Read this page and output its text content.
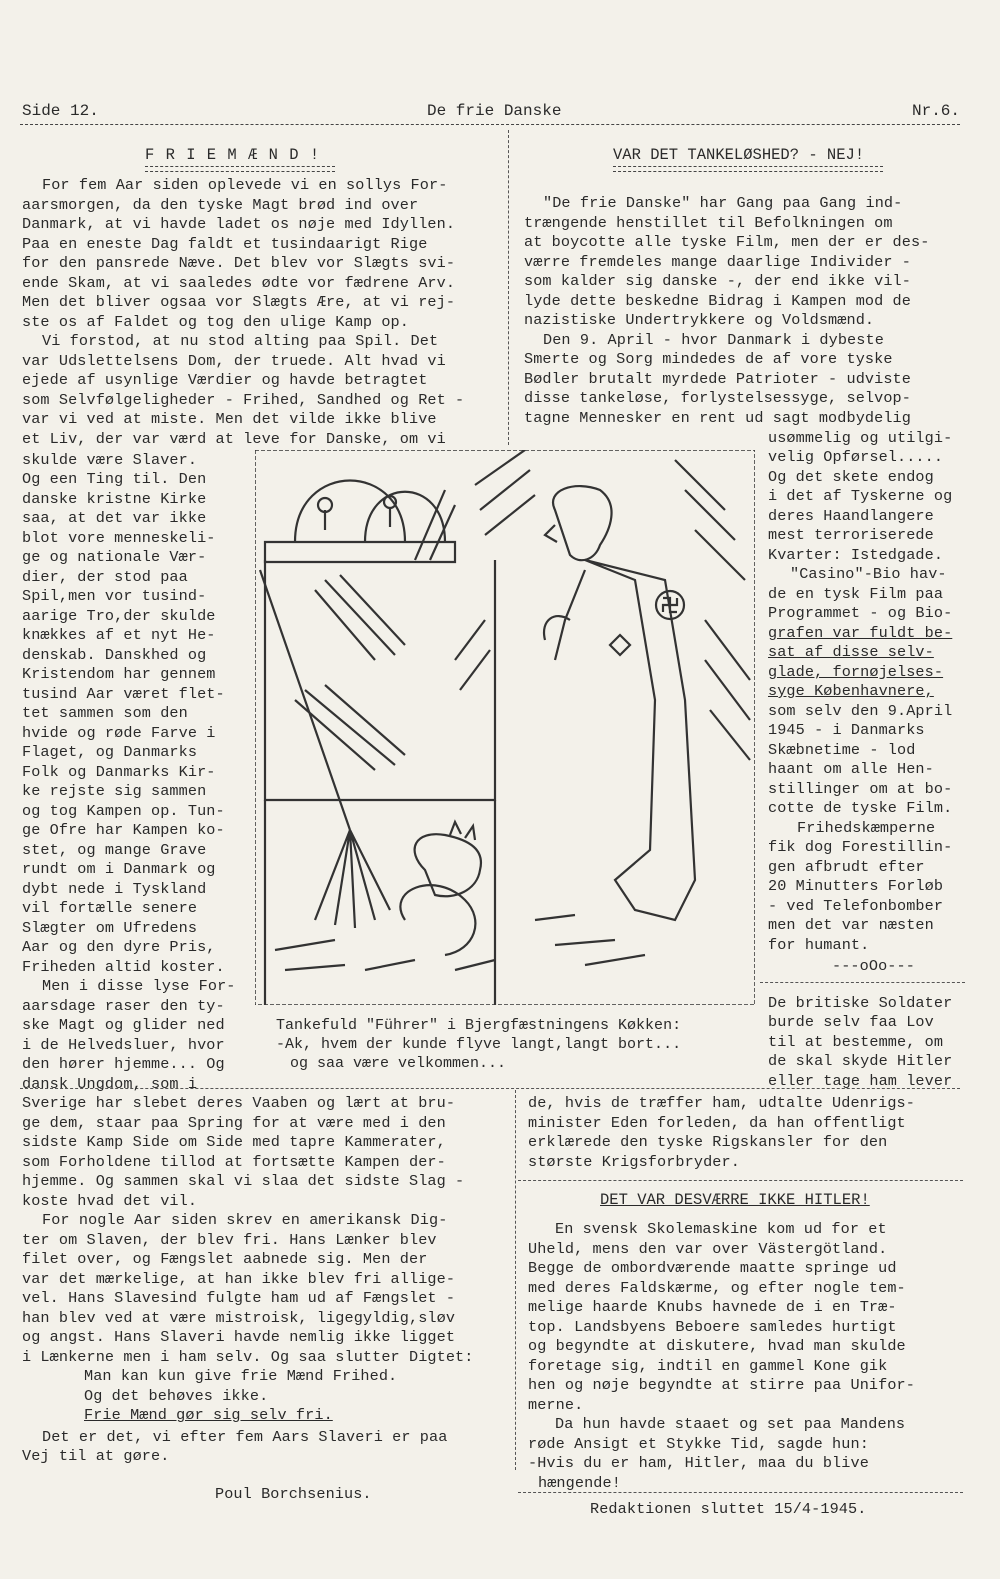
Side 12.	De frie Danske	Nr.6.
F R I E M Æ N D !
For fem Aar siden oplevede vi en sollys For-
aarsmorgen, da den tyske Magt brød ind over
Danmark, at vi havde ladet os nøje med Idyllen.
Paa en eneste Dag faldt et tusindaarigt Rige
for den pansrede Næve. Det blev vor Slægts svi-
ende Skam, at vi saaledes ødte vor fædrene Arv.
Men det bliver ogsaa vor Slægts Ære, at vi rej-
ste os af Faldet og tog den ulige Kamp op.
Vi forstod, at nu stod alting paa Spil. Det
var Udslettelsens Dom, der truede. Alt hvad vi
ejede af usynlige Værdier og havde betragtet
som Selvfølgeligheder - Frihed, Sandhed og Ret -
var vi ved at miste. Men det vilde ikke blive
et Liv, der var værd at leve for Danske, om vi
skulde være Slaver.
Og een Ting til. Den
danske kristne Kirke
saa, at det var ikke
blot vore menneskeli-
ge og nationale Vær-
dier, der stod paa
Spil,men vor tusind-
aarige Tro,der skulde
knækkes af et nyt He-
denskab. Danskhed og
Kristendom har gennem
tusind Aar været flet-
tet sammen som den
hvide og røde Farve i
Flaget, og Danmarks
Folk og Danmarks Kir-
ke rejste sig sammen
og tog Kampen op. Tun-
ge Ofre har Kampen ko-
stet, og mange Grave
rundt om i Danmark og
dybt nede i Tyskland
vil fortælle senere
Slægter om Ufredens
Aar og den dyre Pris,
Friheden altid koster.
Men i disse lyse For-
aarsdage raser den ty-
ske Magt og glider ned
i de Helvedsluer, hvor
den hører hjemme... Og
dansk Ungdom, som i
Sverige har slebet deres Vaaben og lært at bru-
ge dem, staar paa Spring for at være med i den
sidste Kamp Side om Side med tapre Kammerater,
som Forholdene tillod at fortsætte Kampen der-
hjemme. Og sammen skal vi slaa det sidste Slag -
koste hvad det vil.
For nogle Aar siden skrev en amerikansk Dig-
ter om Slaven, der blev fri. Hans Lænker blev
filet over, og Fængslet aabnede sig. Men der
var det mærkelige, at han ikke blev fri allige-
vel. Hans Slavesind fulgte ham ud af Fængslet -
han blev ved at være mistroisk, ligegyldig,sløv
og angst. Hans Slaveri havde nemlig ikke ligget
i Lænkerne men i ham selv. Og saa slutter Digtet:
Man kan kun give frie Mænd Frihed.
Og det behøves ikke.
Frie Mænd gør sig selv fri.
Det er det, vi efter fem Aars Slaveri er paa
Vej til at gøre.
Poul Borchsenius.
VAR DET TANKELØSHED? - NEJ!
"De frie Danske" har Gang paa Gang ind-
trængende henstillet til Befolkningen om
at boycotte alle tyske Film, men der er des-
værre fremdeles mange daarlige Individer -
som kalder sig danske -, der end ikke vil-
lyde dette beskedne Bidrag i Kampen mod de
nazistiske Undertrykkere og Voldsmænd.
Den 9. April - hvor Danmark i dybeste
Smerte og Sorg mindedes de af vore tyske
Bødler brutalt myrdede Patrioter - udviste
disse tankeløse, forlystelsessyge, selvop-
tagne Mennesker en rent ud sagt modbydelig
usømmelig og utilgi-
velig Opførsel.....
Og det skete endog
i det af Tyskerne og
deres Haandlangere
mest terroriserede
Kvarter: Istedgade.
"Casino"-Bio hav-
de en tysk Film paa
Programmet - og Bio-
grafen var fuldt be-
sat af disse selv-
glade, fornøjelses-
syge Københavnere,
som selv den 9.April
1945 - i Danmarks
Skæbnetime - lod
haant om alle Hen-
stillinger om at bo-
cotte de tyske Film.
Frihedskæmperne
fik dog Forestillin-
gen afbrudt efter
20 Minutters Forløb
- ved Telefonbomber
men det var næsten
for humant.
---oOo---
De britiske Soldater
burde selv faa Lov
til at bestemme, om
de skal skyde Hitler
eller tage ham lever
de, hvis de træffer ham, udtalte Udenrigs-
minister Eden forleden, da han offentligt
erklærede den tyske Rigskansler for den
største Krigsforbryder.
Tankefuld "Führer" i Bjergfæstningens Køkken:
-Ak, hvem der kunde flyve langt,langt bort...
og saa være velkommen...
DET VAR DESVÆRRE IKKE HITLER!
En svensk Skolemaskine kom ud for et
Uheld, mens den var over Västergötland.
Begge de ombordværende maatte springe ud
med deres Faldskærme, og efter nogle tem-
melige haarde Knubs havnede de i en Træ-
top. Landsbyens Beboere samledes hurtigt
og begyndte at diskutere, hvad man skulde
foretage sig, indtil en gammel Kone gik
hen og nøje begyndte at stirre paa Unifor-
merne.
Da hun havde staaet og set paa Mandens
røde Ansigt et Stykke Tid, sagde hun:
-Hvis du er ham, Hitler, maa du blive
hængende!
Redaktionen sluttet 15/4-1945.
